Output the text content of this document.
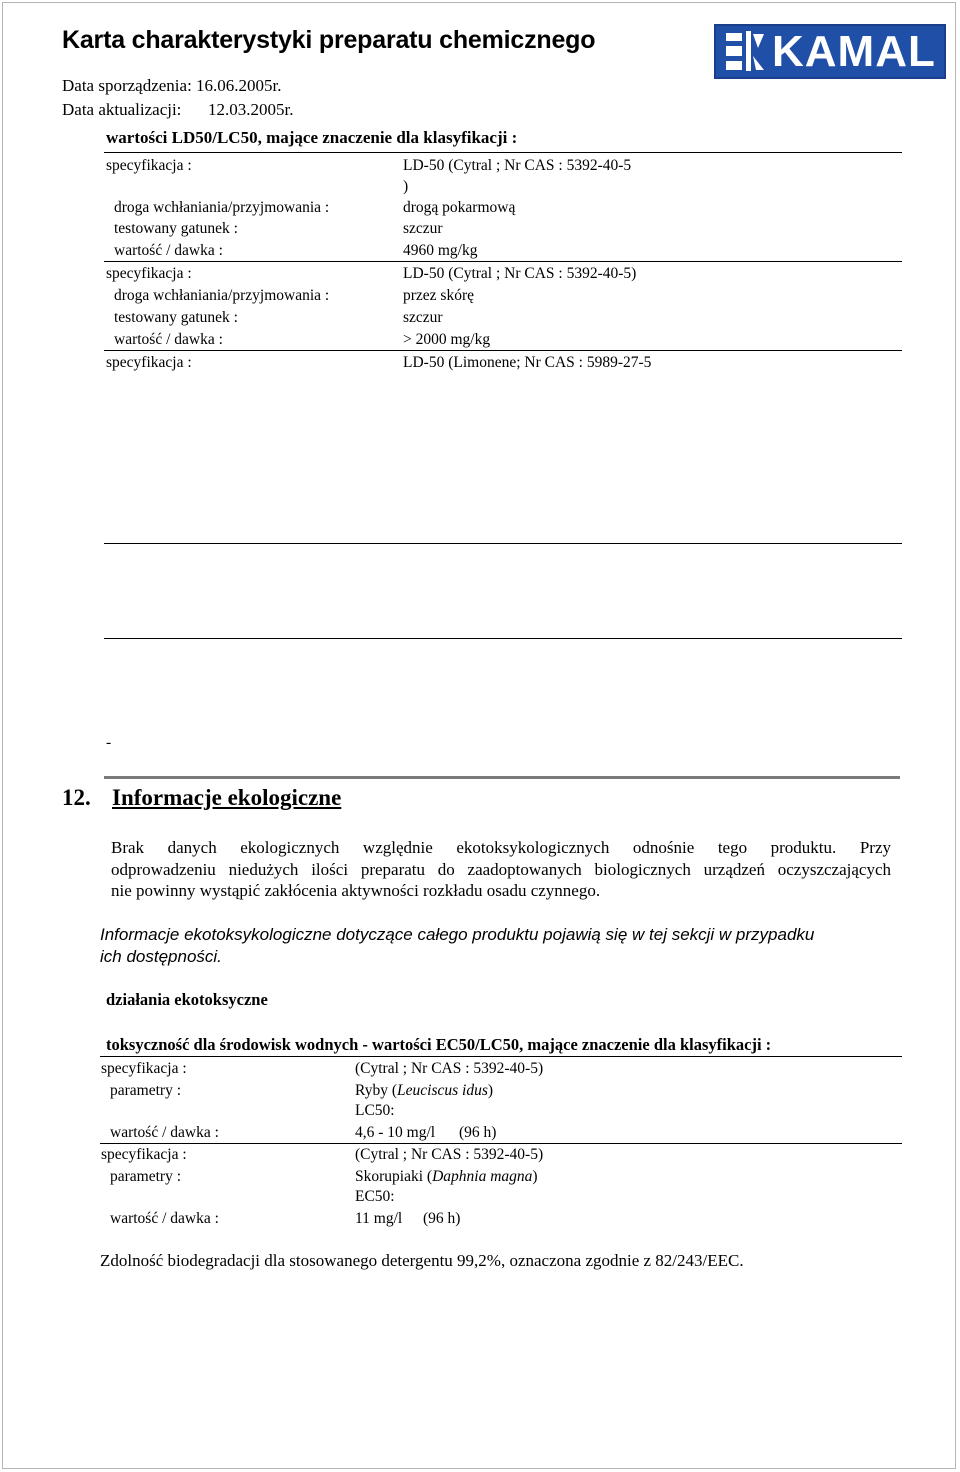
Karta charakterystyki preparatu chemicznego
Data sporządzenia: 16.06.2005r.
Data aktualizacji: 12.03.2005r.
KAMAL
wartości LD50/LC50, mające znaczenie dla klasyfikacji :
specyfikacja :	LD-50 (Cytral ; Nr CAS : 5392-40-5
)
droga wchłaniania/przyjmowania :	drogą pokarmową
testowany gatunek :	szczur
wartość / dawka :	4960 mg/kg
specyfikacja :	LD-50 (Cytral ; Nr CAS : 5392-40-5)
droga wchłaniania/przyjmowania :	przez skórę
testowany gatunek :	szczur
wartość / dawka :	> 2000 mg/kg
specyfikacja :	LD-50 (Limonene; Nr CAS : 5989-27-5
-
12. Informacje ekologiczne
Brak danych ekologicznych względnie ekotoksykologicznych odnośnie tego produktu. Przy
odprowadzeniu niedużych ilości preparatu do zaadoptowanych biologicznych urządzeń oczyszczających
nie powinny wystąpić zakłócenia aktywności rozkładu osadu czynnego.
Informacje ekotoksykologiczne dotyczące całego produktu pojawią się w tej sekcji w przypadku
ich dostępności.
działania ekotoksyczne
toksyczność dla środowisk wodnych - wartości EC50/LC50, mające znaczenie dla klasyfikacji :
specyfikacja :	(Cytral ; Nr CAS : 5392-40-5)
parametry :	Ryby (Leuciscus idus)
LC50:
wartość / dawka :	4,6 - 10 mg/l (96 h)
specyfikacja :	(Cytral ; Nr CAS : 5392-40-5)
parametry :	Skorupiaki (Daphnia magna)
EC50:
wartość / dawka :	11 mg/l (96 h)
Zdolność biodegradacji dla stosowanego detergentu 99,2%, oznaczona zgodnie z 82/243/EEC.
